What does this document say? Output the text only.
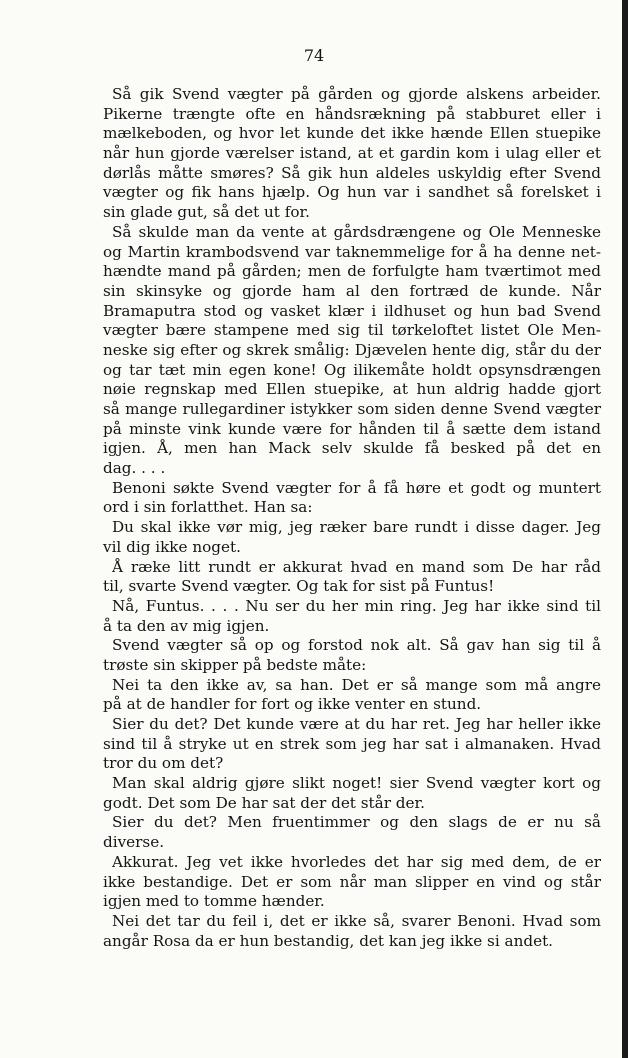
74
Så gik Svend vægter på gården og gjorde alskens arbeider.
Pikerne trængte ofte en håndsrækning på stabburet eller i
mælkeboden, og hvor let kunde det ikke hænde Ellen stuepike
når hun gjorde værelser istand, at et gardin kom i ulag eller et
dørlås måtte smøres? Så gik hun aldeles uskyldig efter Svend
vægter og fik hans hjælp. Og hun var i sandhet så forelsket i
sin glade gut, så det ut for.
Så skulde man da vente at gårdsdrængene og Ole Menneske
og Martin krambodsvend var taknemmelige for å ha denne net-
hændte mand på gården; men de forfulgte ham tværtimot med
sin skinsyke og gjorde ham al den fortræd de kunde. Når
Bramaputra stod og vasket klær i ildhuset og hun bad Svend
vægter bære stampene med sig til tørkeloftet listet Ole Men-
neske sig efter og skrek smålig: Djævelen hente dig, står du der
og tar tæt min egen kone! Og ilikemåte holdt opsynsdrængen
nøie regnskap med Ellen stuepike, at hun aldrig hadde gjort
så mange rullegardiner istykker som siden denne Svend vægter
på minste vink kunde være for hånden til å sætte dem istand
igjen. Å, men han Mack selv skulde få besked på det en
dag. . . .
Benoni søkte Svend vægter for å få høre et godt og muntert
ord i sin forlatthet. Han sa:
Du skal ikke vør mig, jeg ræker bare rundt i disse dager. Jeg
vil dig ikke noget.
Å ræke litt rundt er akkurat hvad en mand som De har råd
til, svarte Svend vægter. Og tak for sist på Funtus!
Nå, Funtus. . . . Nu ser du her min ring. Jeg har ikke sind til
å ta den av mig igjen.
Svend vægter så op og forstod nok alt. Så gav han sig til å
trøste sin skipper på bedste måte:
Nei ta den ikke av, sa han. Det er så mange som må angre
på at de handler for fort og ikke venter en stund.
Sier du det? Det kunde være at du har ret. Jeg har heller ikke
sind til å stryke ut en strek som jeg har sat i almanaken. Hvad
tror du om det?
Man skal aldrig gjøre slikt noget! sier Svend vægter kort og
godt. Det som De har sat der det står der.
Sier du det? Men fruentimmer og den slags de er nu så
diverse.
Akkurat. Jeg vet ikke hvorledes det har sig med dem, de er
ikke bestandige. Det er som når man slipper en vind og står
igjen med to tomme hænder.
Nei det tar du feil i, det er ikke så, svarer Benoni. Hvad som
angår Rosa da er hun bestandig, det kan jeg ikke si andet.
